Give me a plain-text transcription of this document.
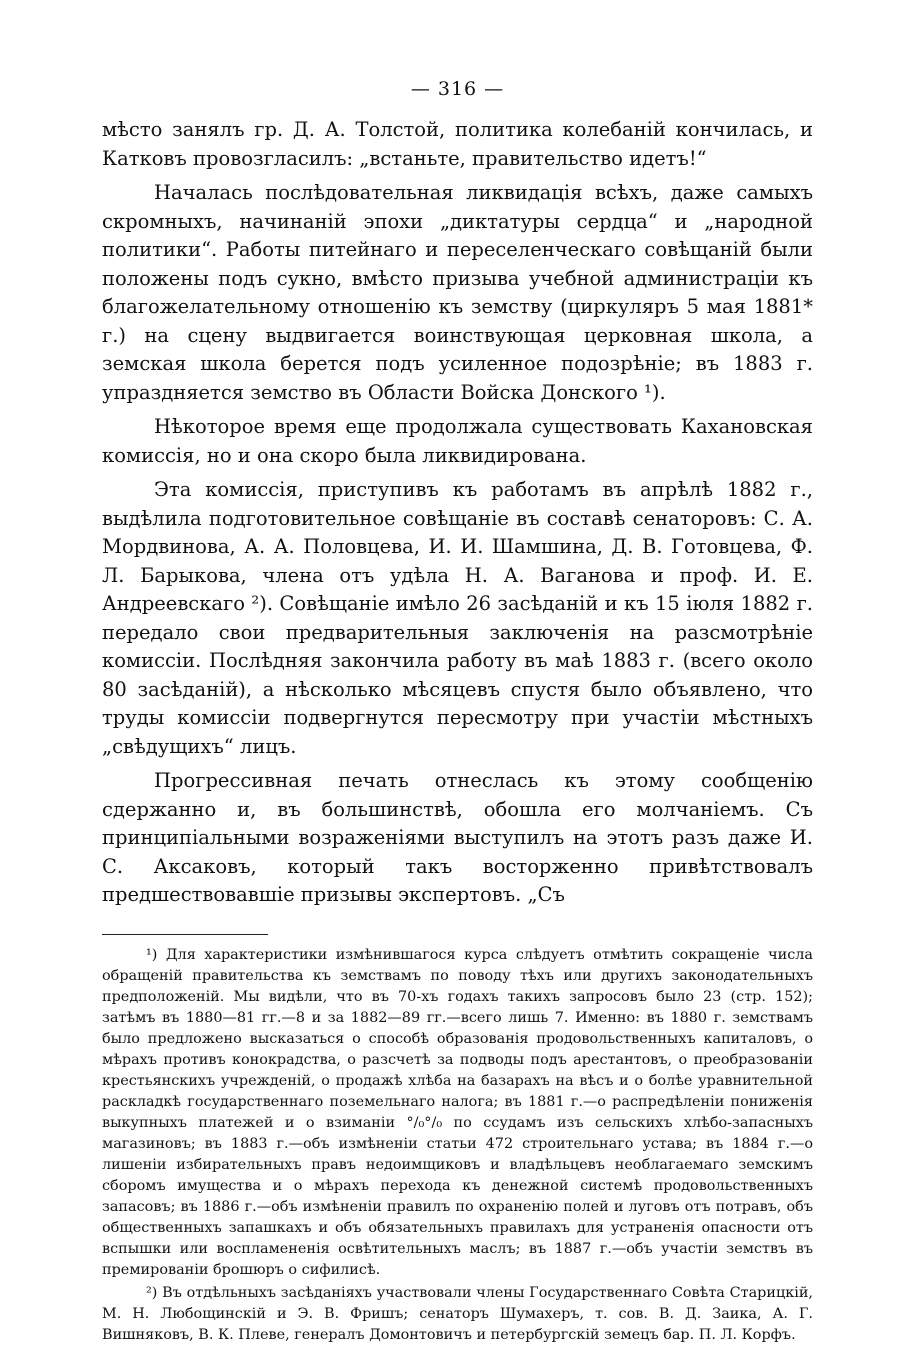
— 316 —

мѣсто занялъ гр. Д. А. Толстой, политика колебаній кончилась, и Катковъ провозгласилъ: „встаньте, правительство идетъ!“

Началась послѣдовательная ликвидація всѣхъ, даже самыхъ скромныхъ, начинаній эпохи „диктатуры сердца“ и „народной политики“. Работы питейнаго и переселенческаго совѣщаній были положены подъ сукно, вмѣсто призыва учебной администраціи къ благожелательному отношенію къ земству (циркуляръ 5 мая 1881* г.) на сцену выдвигается воинствующая церковная школа, а земская школа берется подъ усиленное подозрѣніе; въ 1883 г. упраздняется земство въ Области Войска Донского ¹).

Нѣкоторое время еще продолжала существовать Кахановская комиссія, но и она скоро была ликвидирована.

Эта комиссія, приступивъ къ работамъ въ апрѣлѣ 1882 г., выдѣлила подготовительное совѣщаніе въ составѣ сенаторовъ: С. А. Мордвинова, А. А. Половцева, И. И. Шамшина, Д. В. Готовцева, Ф. Л. Барыкова, члена отъ удѣла Н. А. Ваганова и проф. И. Е. Андреевскаго ²). Совѣщаніе имѣло 26 засѣданій и къ 15 іюля 1882 г. передало свои предварительныя заключенія на разсмотрѣніе комиссіи. Послѣдняя закончила работу въ маѣ 1883 г. (всего около 80 засѣданій), а нѣсколько мѣсяцевъ спустя было объявлено, что труды комиссіи подвергнутся пересмотру при участіи мѣстныхъ „свѣдущихъ“ лицъ.

Прогрессивная печать отнеслась къ этому сообщенію сдержанно и, въ большинствѣ, обошла его молчаніемъ. Съ принципіальными возраженіями выступилъ на этотъ разъ даже И. С. Аксаковъ, который такъ восторженно привѣтствовалъ предшествовавшіе призывы экспертовъ. „Съ

¹) Для характеристики измѣнившагося курса слѣдуетъ отмѣтить сокращеніе числа обращеній правительства къ земствамъ по поводу тѣхъ или другихъ законодательныхъ предположеній. Мы видѣли, что въ 70-хъ годахъ такихъ запросовъ было 23 (стр. 152); затѣмъ въ 1880—81 гг.—8 и за 1882—89 гг.—всего лишь 7. Именно: въ 1880 г. земствамъ было предложено высказаться о способѣ образованія продовольственныхъ капиталовъ, о мѣрахъ противъ конокрадства, о разсчетѣ за подводы подъ арестантовъ, о преобразованіи крестьянскихъ учрежденій, о продажѣ хлѣба на базарахъ на вѣсъ и о болѣе уравнительной раскладкѣ государственнаго поземельнаго налога; въ 1881 г.—о распредѣленіи пониженія выкупныхъ платежей и о взиманіи °/₀°/₀ по ссудамъ изъ сельскихъ хлѣбо-запасныхъ магазиновъ; въ 1883 г.—объ измѣненіи статьи 472 строительнаго устава; въ 1884 г.—о лишеніи избирательныхъ правъ недоимщиковъ и владѣльцевъ необлагаемаго земскимъ сборомъ имущества и о мѣрахъ перехода къ денежной системѣ продовольственныхъ запасовъ; въ 1886 г.—объ измѣненіи правилъ по охраненію полей и луговъ отъ потравъ, объ общественныхъ запашкахъ и объ обязательныхъ правилахъ для устраненія опасности отъ вспышки или воспламененія освѣтительныхъ маслъ; въ 1887 г.—объ участіи земствъ въ премированіи брошюръ о сифилисѣ.

²) Въ отдѣльныхъ засѣданіяхъ участвовали члены Государственнаго Совѣта Старицкій, М. Н. Любощинскій и Э. В. Фришъ; сенаторъ Шумахеръ, т. сов. В. Д. Заика, А. Г. Вишняковъ, В. К. Плеве, генералъ Домонтовичъ и петербургскій земецъ бар. П. Л. Корфъ.
